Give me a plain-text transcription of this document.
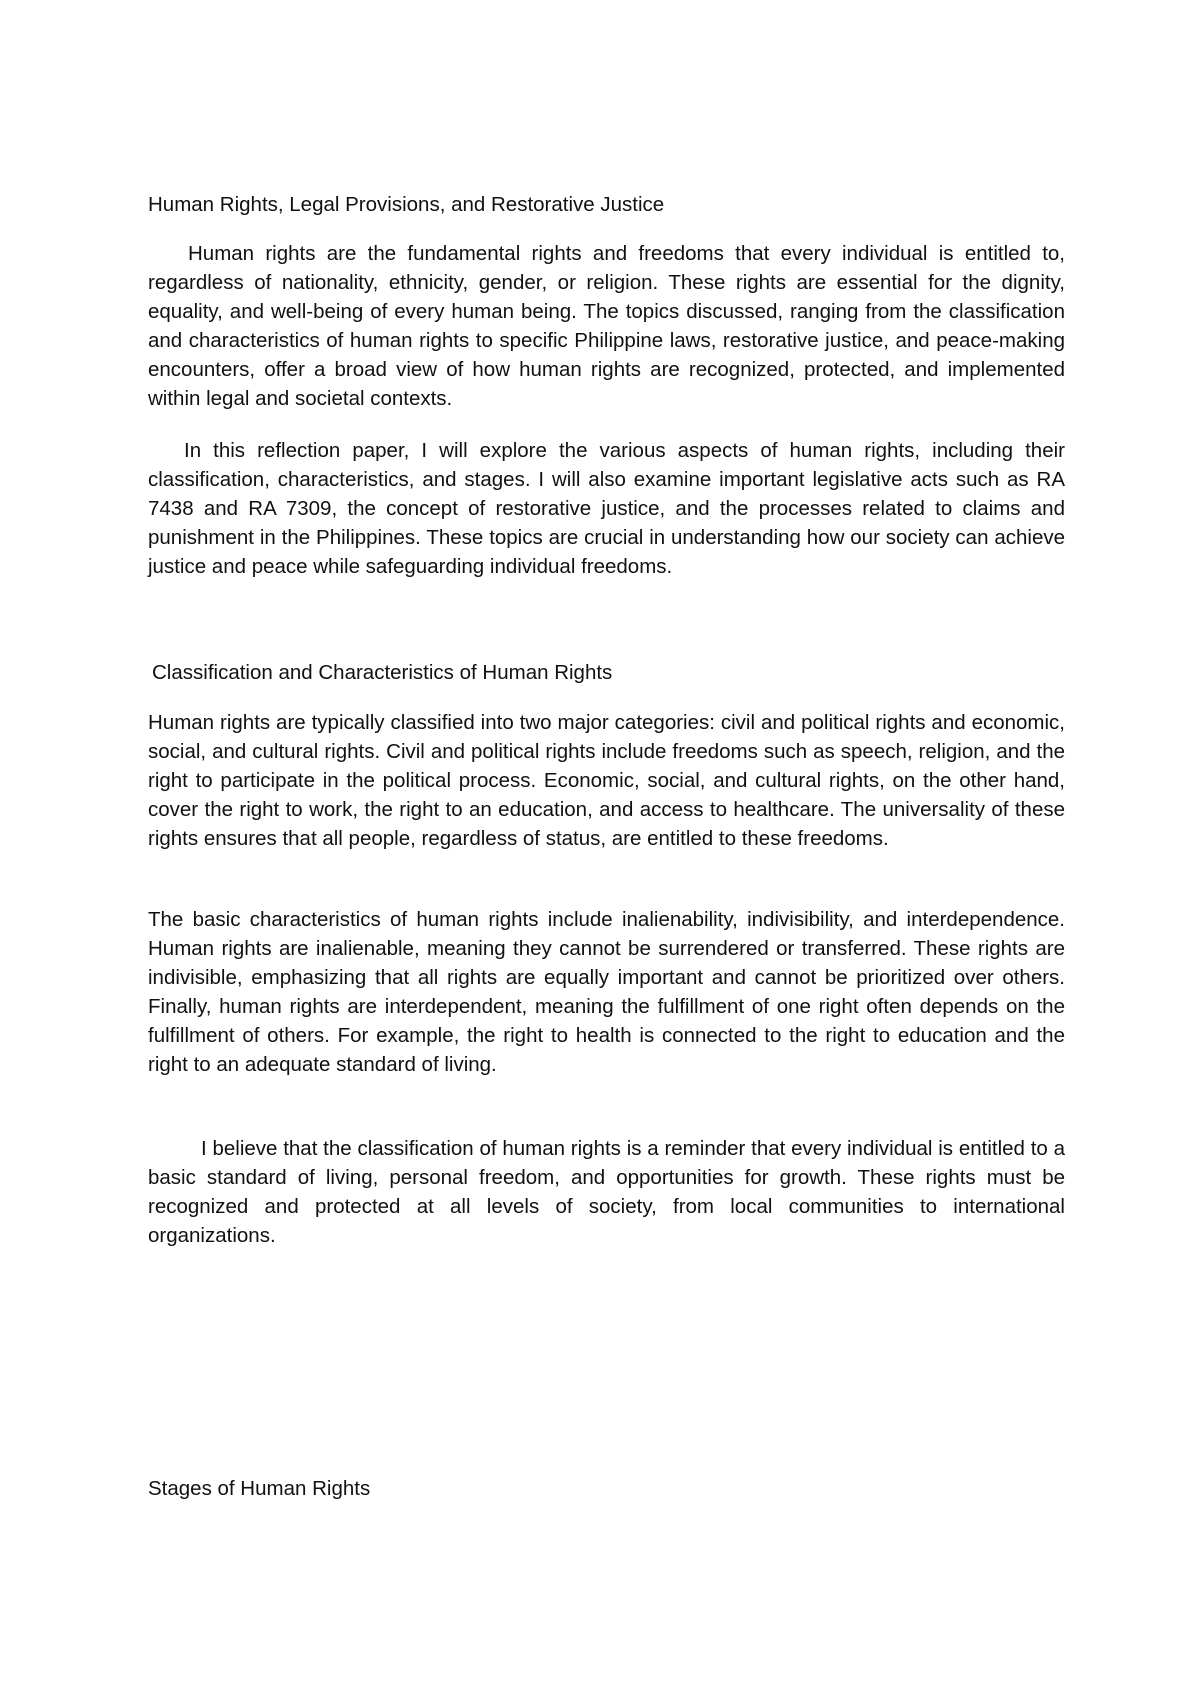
Human Rights, Legal Provisions, and Restorative Justice

Human rights are the fundamental rights and freedoms that every individual is entitled to, regardless of nationality, ethnicity, gender, or religion. These rights are essential for the dignity, equality, and well-being of every human being. The topics discussed, ranging from the classification and characteristics of human rights to specific Philippine laws, restorative justice, and peace-making encounters, offer a broad view of how human rights are recognized, protected, and implemented within legal and societal contexts.

In this reflection paper, I will explore the various aspects of human rights, including their classification, characteristics, and stages. I will also examine important legislative acts such as RA 7438 and RA 7309, the concept of restorative justice, and the processes related to claims and punishment in the Philippines. These topics are crucial in understanding how our society can achieve justice and peace while safeguarding individual freedoms.

Classification and Characteristics of Human Rights

Human rights are typically classified into two major categories: civil and political rights and economic, social, and cultural rights. Civil and political rights include freedoms such as speech, religion, and the right to participate in the political process. Economic, social, and cultural rights, on the other hand, cover the right to work, the right to an education, and access to healthcare. The universality of these rights ensures that all people, regardless of status, are entitled to these freedoms.

The basic characteristics of human rights include inalienability, indivisibility, and interdependence. Human rights are inalienable, meaning they cannot be surrendered or transferred. These rights are indivisible, emphasizing that all rights are equally important and cannot be prioritized over others. Finally, human rights are interdependent, meaning the fulfillment of one right often depends on the fulfillment of others. For example, the right to health is connected to the right to education and the right to an adequate standard of living.

I believe that the classification of human rights is a reminder that every individual is entitled to a basic standard of living, personal freedom, and opportunities for growth. These rights must be recognized and protected at all levels of society, from local communities to international organizations.

Stages of Human Rights
